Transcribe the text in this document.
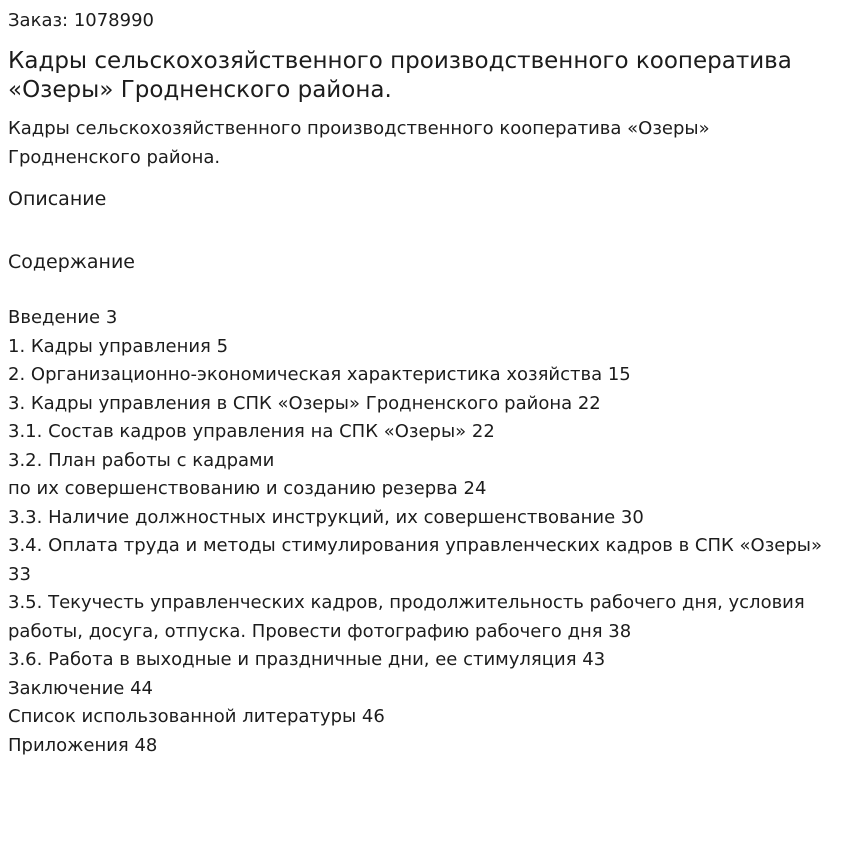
Заказ: 1078990
Кадры сельскохозяйственного производственного кооператива «Озеры» Гродненского района.
Кадры сельскохозяйственного производственного кооператива «Озеры» Гродненского района.
Описание
Содержание
Введение 3
1. Кадры управления 5
2. Организационно-экономическая характеристика хозяйства 15
3. Кадры управления в СПК «Озеры» Гродненского района 22
3.1. Состав кадров управления на СПК «Озеры» 22
3.2. План работы с кадрами
по их совершенствованию и созданию резерва 24
3.3. Наличие должностных инструкций, их совершенствование 30
3.4. Оплата труда и методы стимулирования управленческих кадров в СПК «Озеры» 33
3.5. Текучесть управленческих кадров, продолжительность рабочего дня, условия работы, досуга, отпуска. Провести фотографию рабочего дня 38
3.6. Работа в выходные и праздничные дни, ее стимуляция 43
Заключение 44
Список использованной литературы 46
Приложения 48
